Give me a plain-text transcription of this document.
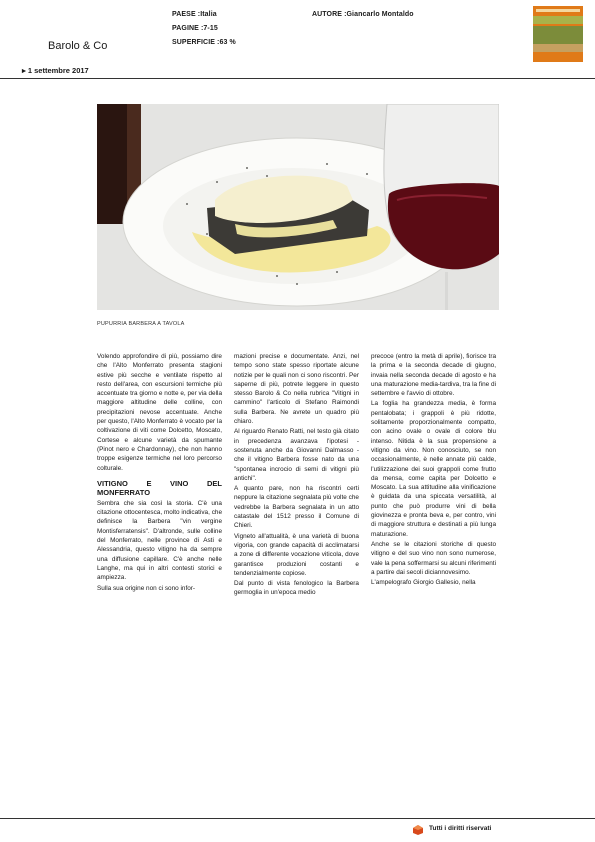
PAESE :Italia
PAGINE :7-15
SUPERFICIE :63 %
AUTORE :Giancarlo Montaldo
Barolo & Co
▸ 1 settembre 2017
PUPURRIA BARBERA A TAVOLA

Volendo approfondire di più, possiamo dire che l'Alto Monferrato presenta stagioni estive più secche e ventilate rispetto al resto dell'area, con escursioni termiche più accentuate tra giorno e notte e, per via della maggiore altitudine delle colline, con precipitazioni nevose accentuate. Anche per questo, l'Alto Monferrato è vocato per la coltivazione di viti come Dolcetto, Moscato, Cortese e alcune varietà da spumante (Pinot nero e Chardonnay), che non hanno troppe esigenze termiche nel loro percorso colturale.

VITIGNO E VINO DEL MONFERRATO

Sembra che sia così la storia. C'è una citazione ottocentesca, molto indicativa, che definisce la Barbera "vin vergine Montisferratensis". D'altronde, sulle colline del Monferrato, nelle province di Asti e Alessandria, questo vitigno ha da sempre una diffusione capillare. C'è anche nelle Langhe, ma qui in altri contesti storici e ampiezza.

Sulla sua origine non ci sono infor-

mazioni precise e documentate. Anzi, nel tempo sono state spesso riportate alcune notizie per le quali non ci sono riscontri. Per saperne di più, potrete leggere in questo stesso Barolo & Co nella rubrica "Vitigni in cammino" l'articolo di Stefano Raimondi sulla Barbera. Ne avrete un quadro più chiaro.

Al riguardo Renato Ratti, nel testo già citato in precedenza avanzava l'ipotesi - sostenuta anche da Giovanni Dalmasso - che il vitigno Barbera fosse nato da una "spontanea incrocio di semi di vitigni più antichi".

A quanto pare, non ha riscontri certi neppure la citazione segnalata più volte che vedrebbe la Barbera segnalata in un atto catastale del 1512 presso il Comune di Chieri.

Vigneto all'attualità, è una varietà di buona vigoria, con grande capacità di acclimatarsi a zone di differente vocazione viticola, dove garantisce produzioni costanti e tendenzialmente copiose.

Dal punto di vista fenologico la Barbera germoglia in un'epoca medio

precoce (entro la metà di aprile), fiorisce tra la prima e la seconda decade di giugno, invaia nella seconda decade di agosto e ha una maturazione media-tardiva, tra la fine di settembre e l'avvio di ottobre.

La foglia ha grandezza media, è forma pentalobata; i grappoli è più ridotte, solitamente proporzionalmente compatto, con acino ovale o ovale di colore blu intenso. Nitida è la sua propensione a vitigno da vino. Non conosciuto, se non occasionalmente, è nelle annate più calde, l'utilizzazione dei suoi grappoli come frutto da mensa, come capita per Dolcetto e Moscato. La sua attitudine alla vinificazione è guidata da una spiccata versatilità, al punto che può produrre vini di bella giovinezza e pronta beva e, per contro, vini di maggiore struttura e destinati a più lunga maturazione.

Anche se le citazioni storiche di questo vitigno e del suo vino non sono numerose, vale la pena soffermarsi su alcuni riferimenti a partire dai secoli diciannovesimo.

L'ampelografo Giorgio Gallesio, nella

Tutti i diritti riservati
